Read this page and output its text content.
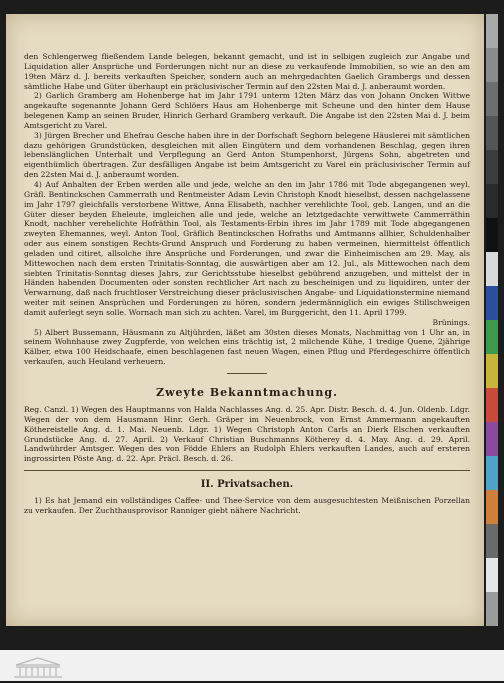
den Schlengerweg fließendem Lande belegen, bekannt gemacht, und ist in selbigen zugleich zur Angabe und Liquidation aller Ansprüche und Forderungen nicht nur an diese zu verkaufende Immobilien, so wie an den am 19ten März d. J. bereits verkauften Speicher, sondern auch an mehrgedachten Gaelich Grambergs und dessen sämtliche Habe und Güter überhaupt ein präclusivischer Termin auf den 22sten Mai d. J. anberaumt worden.

2) Garlich Gramberg am Hohenberge hat im Jahr 1791 unterm 12ten März das von Johann Oncken Wittwe angekaufte sogenannte Johann Gerd Schlöers Haus am Hohenberge mit Scheune und den hinter dem Hause belegenen Kamp an seinen Bruder, Hinrich Gerhard Gramberg verkauft. Die Angabe ist den 22sten Mai d. J. beim Amtsgericht zu Varel.

3) Jürgen Brecher und Ehefrau Gesche haben ihre in der Dorfschaft Seghorn belegene Häuslerei mit sämtlichen dazu gehörigen Grundstücken, desgleichen mit allen Eingütern und dem vorhandenen Beschlag, gegen ihren lebenslänglichen Unterhalt und Verpflegung an Gerd Anton Stumpenhorst, Jürgens Sohn, abgetreten und eigenthümlich übertragen. Zur desfälligen Angabe ist beim Amtsgericht zu Varel ein präclusivischer Termin auf den 22sten Mai d. J. anberaumt worden.

4) Auf Anhalten der Erben werden alle und jede, welche an den im Jahr 1786 mit Tode abgegangenen weyl. Gräfl. Bentinckschen Cammerrath und Rentmeister Adam Levin Christoph Knodt hieselbst, dessen nachgelassene im Jahr 1797 gleichfalls verstorbene Wittwe, Anna Elisabeth, nachher verehlichte Tool, geb. Langen, und an die Güter dieser beyden Eheleute, imgleichen alle und jede, welche an letztgedachte verwittwete Cammerräthin Knodt, nachher verehelichte Hofräthin Tool, als Testaments-Erbin ihres im Jahr 1789 mit Tode abgegangenen zweyten Ehemannes, weyl. Anton Tool, Gräflich Bentinckschen Hofraths und Amtmanns allhier, Schuldenhalber oder aus einem sonstigen Rechts-Grund Anspruch und Forderung zu haben vermeinen, hiermittelst öffentlich geladen und citiret, allsolche ihre Ansprüche und Forderungen, und zwar die Einheimischen am 29. May, als Mittewochen nach dem ersten Trinitatis-Sonntag, die auswärtigen aber am 12. Jul., als Mittewochen nach dem siebten Trinitatis-Sonntag dieses Jahrs, zur Gerichtsstube hieselbst gebührend anzugeben, und mittelst der in Händen habenden Documenten oder sonsten rechtlicher Art nach zu bescheinigen und zu liquidiren, unter der Verwarnung, daß nach fruchtloser Verstreichung dieser präclusivischen Angabe- und Liquidationstermine niemand weiter mit seinen Ansprüchen und Forderungen zu hören, sondern jedermänniglich ein ewiges Stillschweigen damit auferlegt seyn solle. Wornach man sich zu achten. Varel, im Burggericht, den 11. April 1799.

Brünings.

5) Albert Bussemann, Häusmann zu Altjührden, läßet am 30sten dieses Monats, Nachmittag von 1 Uhr an, in seinem Wohnhause zwey Zugpferde, von welchen eins trächtig ist, 2 milchende Kühe, 1 tredige Quene, 2jährige Kälber, etwa 100 Heidschaafe, einen beschlagenen fast neuen Wagen, einen Pflug und Pferdegeschirre öffentlich verkaufen, auch Heuland verheuern.

Zweyte Bekanntmachung.

Reg. Canzl. 1) Wegen des Hauptmanns von Halda Nachlasses Ang. d. 25. Apr. Distr. Besch. d. 4. Jun. Oldenb. Ldgr. Wegen der von dem Hausmann Hinr. Gerh. Gräper im Neuenbrock, von Ernst Ammermann angekauften Köthereistelle Ang. d. 1. Mai. Neuenb. Ldgr. 1) Wegen Christoph Anton Carls an Dierk Elschen verkauften Grundstücke Ang. d. 27. April. 2) Verkauf Christian Buschmanns Kötherey d. 4. May. Ang. d. 29. April. Landwührder Amtsger. Wegen des von Födde Ehlers an Rudolph Ehlers verkauften Landes, auch auf ersteren ingrossirten Pöste Ang. d. 22. Apr. Präcl. Besch. d. 26.

II. Privatsachen.

1) Es hat Jemand ein vollständiges Caffee- und Thee-Service von dem ausgesuchtesten Meißnischen Porzellan zu verkaufen. Der Zuchthausprovisor Ranniger giebt nähere Nachricht.
